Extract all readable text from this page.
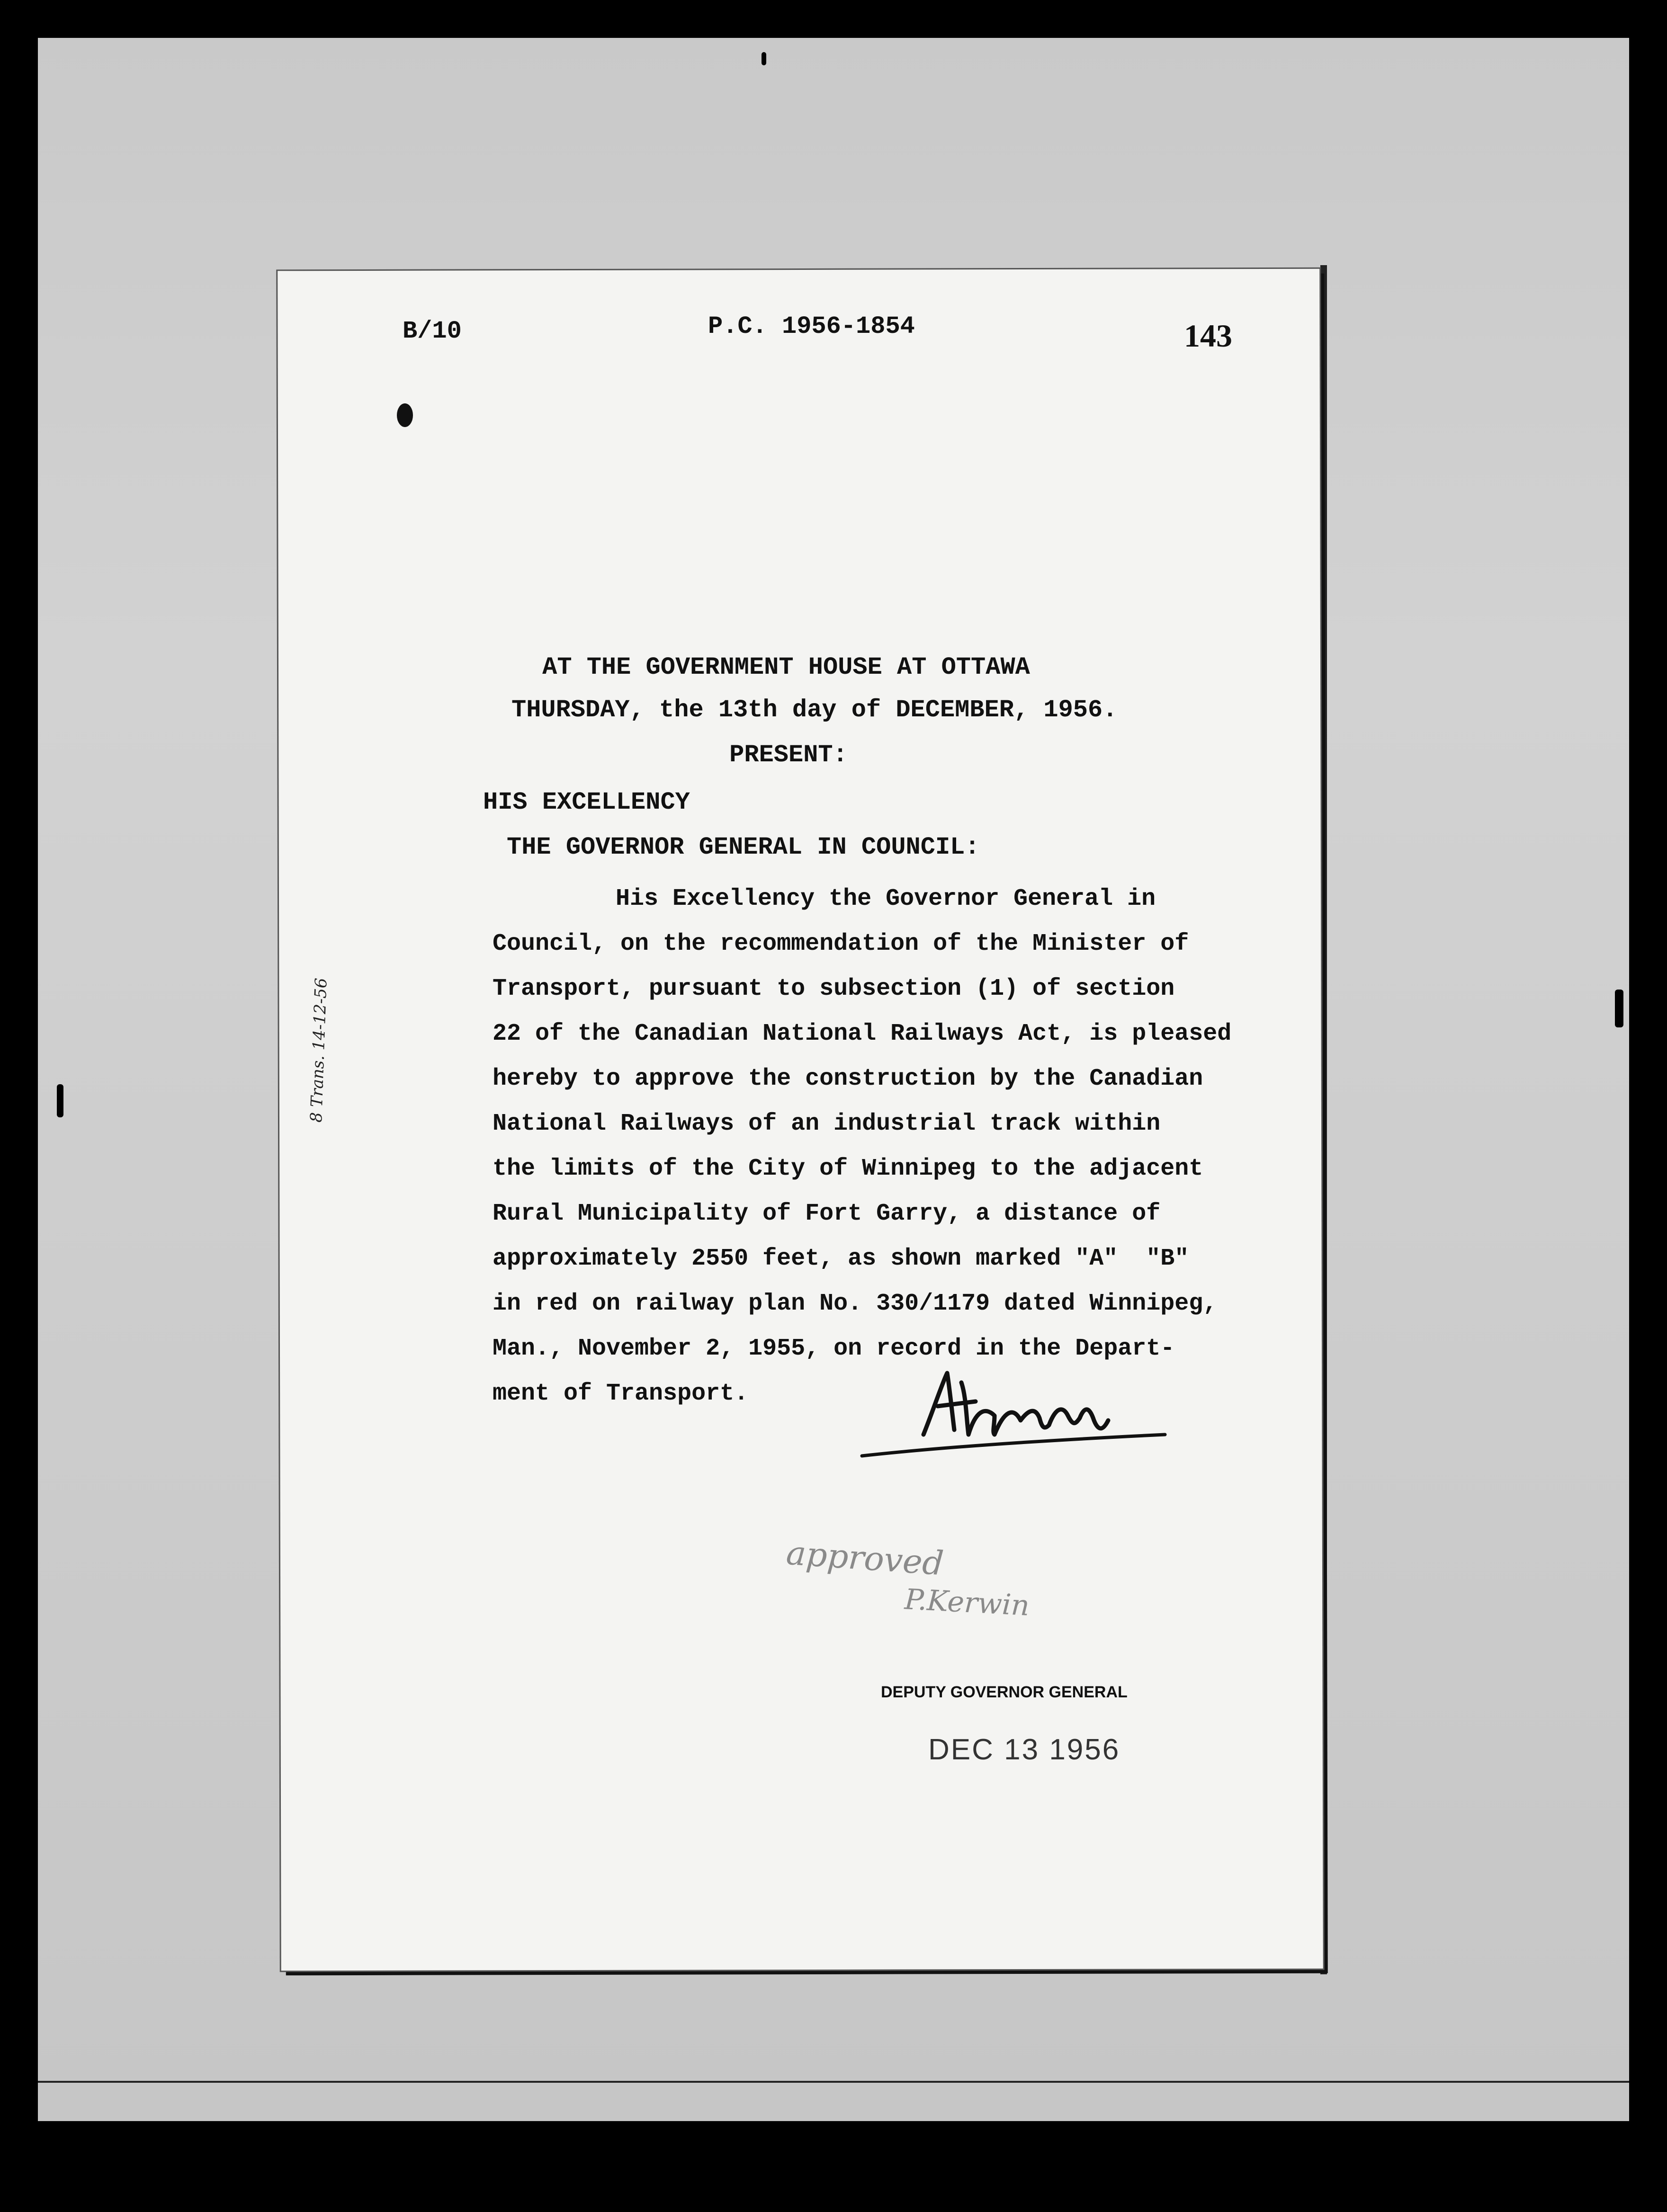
B/10	P.C. 1956-1854	143
AT THE GOVERNMENT HOUSE AT OTTAWA
THURSDAY, the 13th day of DECEMBER, 1956.
PRESENT:
HIS EXCELLENCY
THE GOVERNOR GENERAL IN COUNCIL:
His Excellency the Governor General in
Council, on the recommendation of the Minister of
Transport, pursuant to subsection (1) of section
22 of the Canadian National Railways Act, is pleased
hereby to approve the construction by the Canadian
National Railways of an industrial track within
the limits of the City of Winnipeg to the adjacent
Rural Municipality of Fort Garry, a distance of
approximately 2550 feet, as shown marked "A"  "B"
in red on railway plan No. 330/1179 dated Winnipeg,
Man., November 2, 1955, on record in the Depart-
ment of Transport.
8 Trans. 14-12-56
approved
P.Kerwin
DEPUTY GOVERNOR GENERAL
DEC 13 1956
